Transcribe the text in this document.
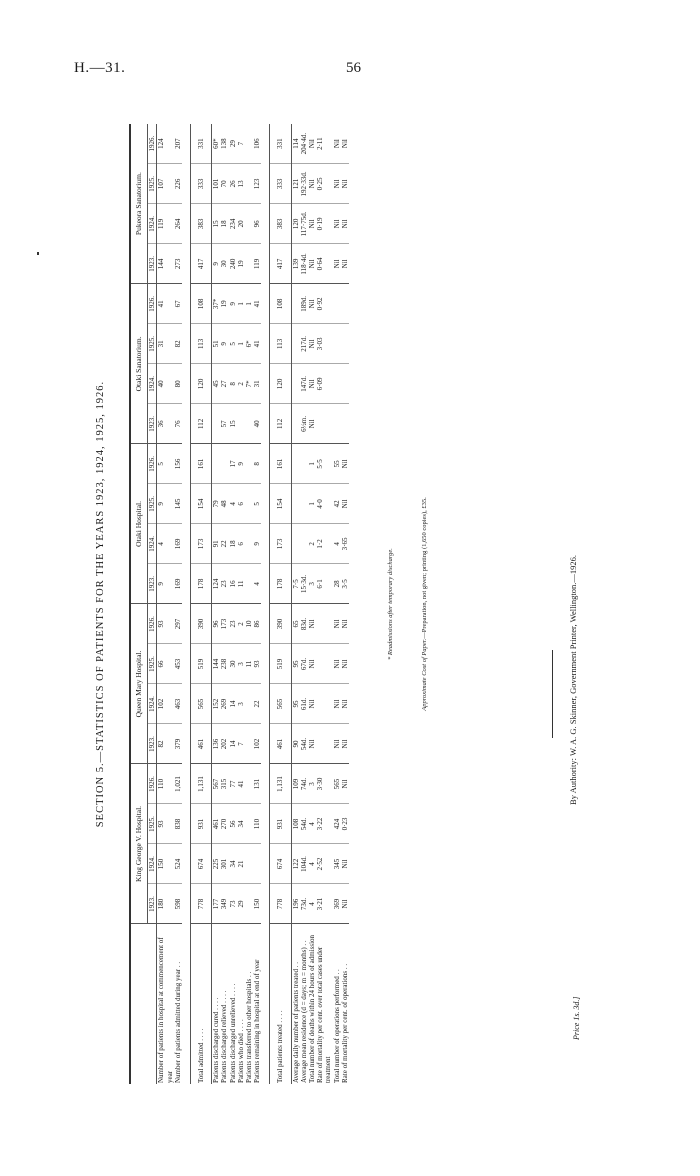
H.—31.	56
SECTION 5.—STATISTICS OF PATIENTS FOR THE YEARS 1923, 1924, 1925, 1926.
	King George V. Hospital.				Queen Mary Hospital.				Otaki Hospital.				Otaki Sanatorium.				Pukeora Sanatorium.			
	1923.	1924.	1925.	1926.	1923.	1924.	1925.	1926.	1923.	1924.	1925.	1926.	1923.	1924.	1925.	1926.	1923.	1924.	1925.	1926.
Number of patients in hospital at commencement of year	180	150	93	110	82	102	66	93	9	4	9	5	36	40	31	41	144	119	107	124
Number of patients admitted during year . .	598	524	838	1,021	379	463	453	297	169	169	145	156	76	80	82	67	273	264	226	207

Total admitted . . . .	778	674	931	1,131	461	565	519	390	178	173	154	161	112	120	113	108	417	383	333	331
Patients discharged cured . . . .	177	225	461	567	136	152	144	96	124	91	79			45	51	37*	9	15	101	60*
Patients discharged relieved . . . .	349	301	270	315	202	269	238	173	23	22	48		57	27	9	19	30	18	70	138
Patients discharged unrelieved . . . .	73	34	56	77	14	14	30	23	16	18	4	17	15	8	5	9	240	234	26	29
Patients who died . . . .	29	21	34	41	7	3	3	2	11	6	6	9		2	1	1	19	20	13	7
Patients transferred to other hospitals . .							11	10						7*	6*	1				
Patients remaining in hospital at end of year	150		110	131	102	22	93	86	4	9	5	8	40	31	41	41	119	96	123	106

Total patients treated . . . .	778	674	931	1,131	461	565	519	390	178	173	154	161	112	120	113	108	417	383	333	331
Average daily number of patients treated . .	196	122	108	109	90	95	95	65	7·5								139	120	121	114
Average mean residence (d = days; m = months) . .	73d.	104d.	54d.	74d.	54d.	61d.	67d.	83d.	15·3d.				6½m.	147d.	217d.	189d.	118·4d.	117·75d.	192·33d.	204·4d.
Total number of deaths within 24 hours of admission	4	4	4	3	Nil	Nil	Nil	Nil	3	2	1	1	Nil	Nil	Nil	Nil	Nil	Nil	Nil	Nil
Rate of mortality per cent. over total cases under treatment	3·21	2·52	3·22	3·30					6·1	1·2	4·0	5·5		6·09	3·03	0·92	0·64	0·19	0·25	2·11
Total number of operations performed . .	369	345	424	565	Nil	Nil	Nil	Nil	28	4	42	55					Nil	Nil	Nil	Nil
Rate of mortality per cent. of operations . .	Nil	Nil	0·23	Nil	Nil	Nil	Nil	Nil	3·5	3·65	Nil	Nil					Nil	Nil	Nil	Nil
* Readmissions after temporary discharge.
Approximate Cost of Paper.—Preparation, not given; printing (1,650 copies), £35.	By Authority: W. A. G. Skinner, Government Printer, Wellington.—1926.
Price 1s. 3d.]
